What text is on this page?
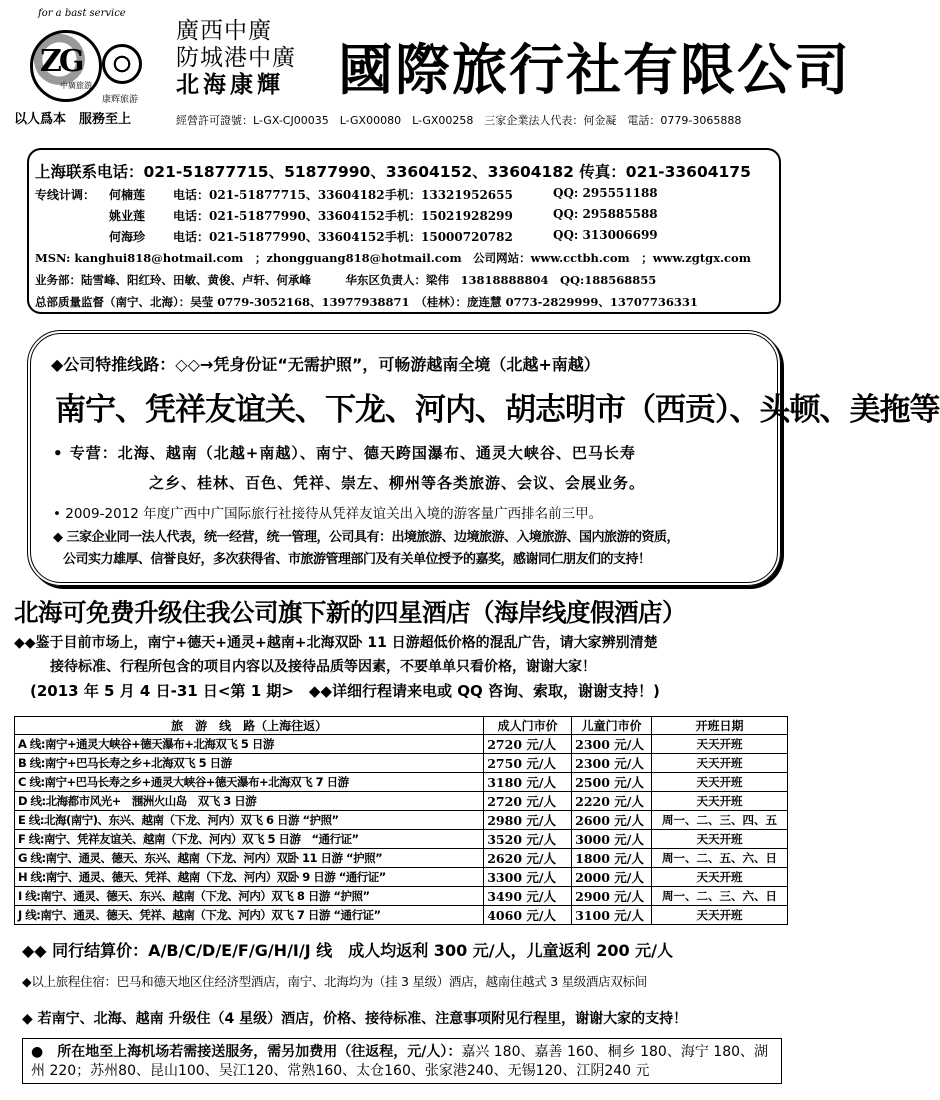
ZG
中廣旅游
康辉旅游
for a bast service
以人爲本　服務至上
廣西中廣
防城港中廣
北海康輝 國際旅行社有限公司
經營許可證號：L-GX-CJ00035　L-GX00080　L-GX00258　三家企業法人代表：何金凝　電話：0779-3065888
上海联系电话：021-51877715、51877990、33604152、33604182 传真：021-33604175
专线计调： 何楠莲 电话：021-51877715、33604182 手机：13321952655	QQ: 295551188
姚业莲 电话：021-51877990、33604152 手机：15021928299	QQ: 295885588
何海珍 电话：021-51877990、33604152 手机：15000720782	QQ: 313006699
MSN: kanghui818@hotmail.com　；zhongguang818@hotmail.com　公司网站：www.cctbh.com　；www.zgtgx.com
业务部：陆雪峰、阳红玲、田敏、黄俊、卢轩、何承峰　　　华东区负责人：梁伟　13818888804　QQ:188568855
总部质量监督（南宁、北海）：吴莹 0779-3052168、13977938871　（桂林）：庞连慧 0773-2829999、13707736331
◆公司特推线路：◇◇→凭身份证“无需护照”，可畅游越南全境（北越+南越）
南宁、凭祥友谊关、下龙、河内、胡志明市（西贡）、头顿、美拖等
• 专营：北海、越南（北越+南越）、南宁、德天跨国瀑布、通灵大峡谷、巴马长寿
之乡、桂林、百色、凭祥、崇左、柳州等各类旅游、会议、会展业务。
• 2009-2012 年度广西中广国际旅行社接待从凭祥友谊关出入境的游客量广西排名前三甲。
◆ 三家企业同一法人代表，统一经营，统一管理，公司具有：出境旅游、边境旅游、入境旅游、国内旅游的资质，
公司实力雄厚、信誉良好，多次获得省、市旅游管理部门及有关单位授予的嘉奖，感谢同仁朋友们的支持！
北海可免费升级住我公司旗下新的四星酒店（海岸线度假酒店）
◆◆鉴于目前市场上，南宁+德天+通灵+越南+北海双卧 11 日游超低价格的混乱广告，请大家辨别清楚
接待标准、行程所包含的项目内容以及接待品质等因素，不要单单只看价格，谢谢大家！
(2013 年 5 月 4 日-31 日<第 1 期>　◆◆详细行程请来电或 QQ 咨询、索取，谢谢支持！)
旅　游　线　路（上海往返）	成人门市价	儿童门市价	开班日期
A 线:南宁+通灵大峡谷+德天瀑布+北海双飞 5 日游	2720 元/人	2300 元/人	天天开班
B 线:南宁+巴马长寿之乡+北海双飞 5 日游	2750 元/人	2300 元/人	天天开班
C 线:南宁+巴马长寿之乡+通灵大峡谷+德天瀑布+北海双飞 7 日游	3180 元/人	2500 元/人	天天开班
D 线:北海都市风光+　涠洲火山岛　双飞 3 日游	2720 元/人	2220 元/人	天天开班
E 线:北海(南宁)、东兴、越南（下龙、河内）双飞 6 日游 “护照”	2980 元/人	2600 元/人	周一、二、三、四、五
F 线:南宁、凭祥友谊关、越南（下龙、河内）双飞 5 日游　“通行证”	3520 元/人	3000 元/人	天天开班
G 线:南宁、通灵、德天、东兴、越南（下龙、河内）双卧 11 日游 “护照”	2620 元/人	1800 元/人	周一、二、五、六、日
H 线:南宁、通灵、德天、凭祥、越南（下龙、河内）双卧 9 日游 “通行证”	3300 元/人	2000 元/人	天天开班
I 线:南宁、通灵、德天、东兴、越南（下龙、河内）双飞 8 日游 “护照”	3490 元/人	2900 元/人	周一、二、三、六、日
J 线:南宁、通灵、德天、凭祥、越南（下龙、河内）双飞 7 日游 “通行证”	4060 元/人	3100 元/人	天天开班
◆◆ 同行结算价：A/B/C/D/E/F/G/H/I/J 线　成人均返利 300 元/人，儿童返利 200 元/人
◆以上旅程住宿：巴马和德天地区住经济型酒店，南宁、北海均为（挂 3 星级）酒店，越南住越式 3 星级酒店双标间
◆ 若南宁、北海、越南 升级住（4 星级）酒店，价格、接待标准、注意事项附见行程里，谢谢大家的支持！
●　所在地至上海机场若需接送服务，需另加费用（往返程，元/人）：嘉兴 180、嘉善 160、桐乡 180、海宁 180、湖州 220；苏州80、昆山100、吴江120、常熟160、太仓160、张家港240、无锡120、江阴240 元
